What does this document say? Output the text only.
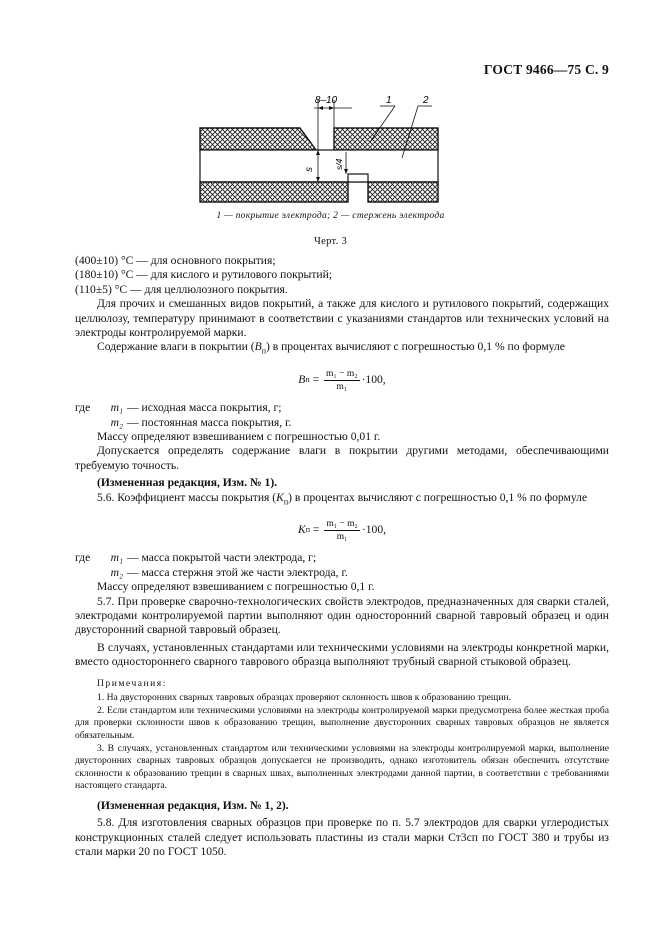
ГОСТ 9466—75 С. 9
8–10	1	2
s s/4
1 — покрытие электрода; 2 — стержень электрода
Черт. 3

(400±10) °С — для основного покрытия;

(180±10) °С — для кислого и рутилового покрытий;

(110±5) °С — для целлюлозного покрытия.

Для прочих и смешанных видов покрытий, а также для кислого и рутилового покрытий, содержащих целлюлозу, температуру принимают в соответствии с указаниями стандартов или технических условий на электроды контролируемой марки.

Содержание влаги в покрытии $(B_п)$ в процентах вычисляют с погрешностью 0,1 % по формуле

B $п = \frac{\text{m₁ − m₂}}{\text{m₁}} \cdot 100$,
где	m₁ — исходная масса покрытия, г;
m₂ — постоянная масса покрытия, г.

Массу определяют взвешиванием с погрешностью 0,01 г.

Допускается определять содержание влаги в покрытии другими методами, обеспечивающими требуемую точность.

(Измененная редакция, Изм. № 1).

5.6. Коэффициент массы покрытия $(K_п)$ в процентах вычисляют с погрешностью 0,1 % по формуле

K $п = \frac{\text{m₁ − m₂}}{\text{m₁}} \cdot 100$,
где	m₁ — масса покрытой части электрода, г;
m₂ — масса стержня этой же части электрода, г.

Массу определяют взвешиванием с погрешностью 0,1 г.

5.7. При проверке сварочно-технологических свойств электродов, предназначенных для сварки сталей, электродами контролируемой партии выполняют один односторонний сварной тавровый образец и один двусторонний сварной тавровый образец.

В случаях, установленных стандартами или техническими условиями на электроды конкретной марки, вместо одностороннего сварного таврового образца выполняют трубный сварной стыковой образец.

Примечания:

1. На двусторонних сварных тавровых образцах проверяют склонность швов к образованию трещин.

2. Если стандартом или техническими условиями на электроды контролируемой марки предусмотрена более жесткая проба для проверки склонности швов к образованию трещин, выполнение двусторонних сварных тавровых образцов не является обязательным.

3. В случаях, установленных стандартом или техническими условиями на электроды контролируемой марки, выполнение двусторонних сварных тавровых образцов допускается не производить, однако изготовитель обязан обеспечить отсутствие склонности к образованию трещин в сварных швах, выполненных электродами данной партии, в соответствии с требованиями настоящего стандарта.

(Измененная редакция, Изм. № 1, 2).

5.8. Для изготовления сварных образцов при проверке по п. 5.7 электродов для сварки углеродистых конструкционных сталей следует использовать пластины из стали марки Ст3сп по ГОСТ 380 и трубы из стали марки 20 по ГОСТ 1050.
